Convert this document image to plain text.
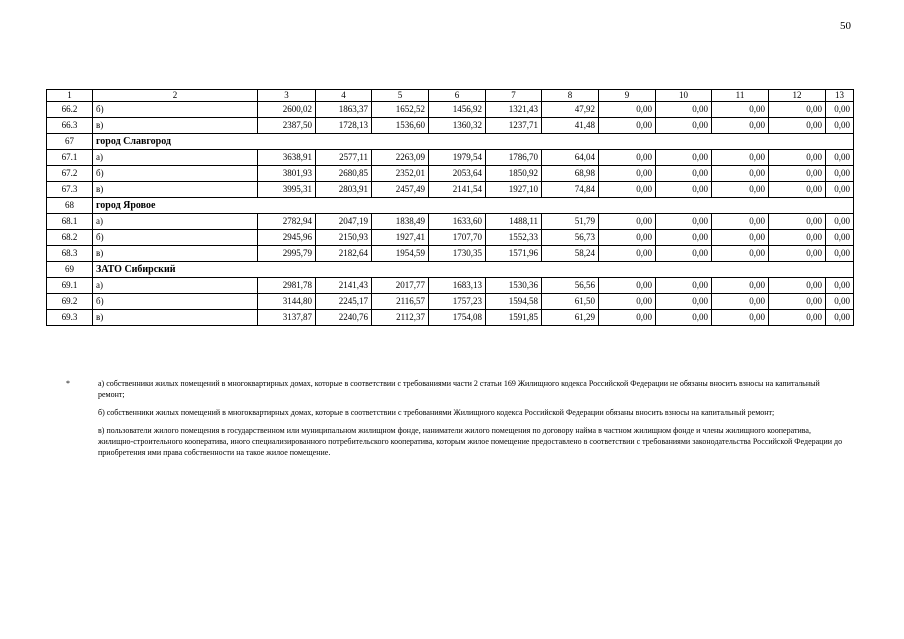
50
1	2	3	4	5	6	7	8	9	10	11	12	13
66.2	б)	2600,02	1863,37	1652,52	1456,92	1321,43	47,92	0,00	0,00	0,00	0,00	0,00
66.3	в)	2387,50	1728,13	1536,60	1360,32	1237,71	41,48	0,00	0,00	0,00	0,00	0,00
67	город Славгород											
67.1	а)	3638,91	2577,11	2263,09	1979,54	1786,70	64,04	0,00	0,00	0,00	0,00	0,00
67.2	б)	3801,93	2680,85	2352,01	2053,64	1850,92	68,98	0,00	0,00	0,00	0,00	0,00
67.3	в)	3995,31	2803,91	2457,49	2141,54	1927,10	74,84	0,00	0,00	0,00	0,00	0,00
68	город Яровое											
68.1	а)	2782,94	2047,19	1838,49	1633,60	1488,11	51,79	0,00	0,00	0,00	0,00	0,00
68.2	б)	2945,96	2150,93	1927,41	1707,70	1552,33	56,73	0,00	0,00	0,00	0,00	0,00
68.3	в)	2995,79	2182,64	1954,59	1730,35	1571,96	58,24	0,00	0,00	0,00	0,00	0,00
69	ЗАТО Сибирский											
69.1	а)	2981,78	2141,43	2017,77	1683,13	1530,36	56,56	0,00	0,00	0,00	0,00	0,00
69.2	б)	3144,80	2245,17	2116,57	1757,23	1594,58	61,50	0,00	0,00	0,00	0,00	0,00
69.3	в)	3137,87	2240,76	2112,37	1754,08	1591,85	61,29	0,00	0,00	0,00	0,00	0,00
*	а) собственники жилых помещений в многоквартирных домах, которые в соответствии с требованиями части 2 статьи 169 Жилищного кодекса Российской Федерации не обязаны вносить взносы на капитальный ремонт;
б) собственники жилых помещений в многоквартирных домах, которые в соответствии с требованиями Жилищного кодекса Российской Федерации обязаны вносить взносы на капитальный ремонт;
в) пользователи жилого помещения в государственном или муниципальном жилищном фонде, наниматели жилого помещения по договору найма в частном жилищном фонде и члены жилищного кооператива, жилищно-строительного кооператива, иного специализированного потребительского кооператива, которым жилое помещение предоставлено в соответствии с требованиями законодательства Российской Федерации до приобретения ими права собственности на такое жилое помещение.
